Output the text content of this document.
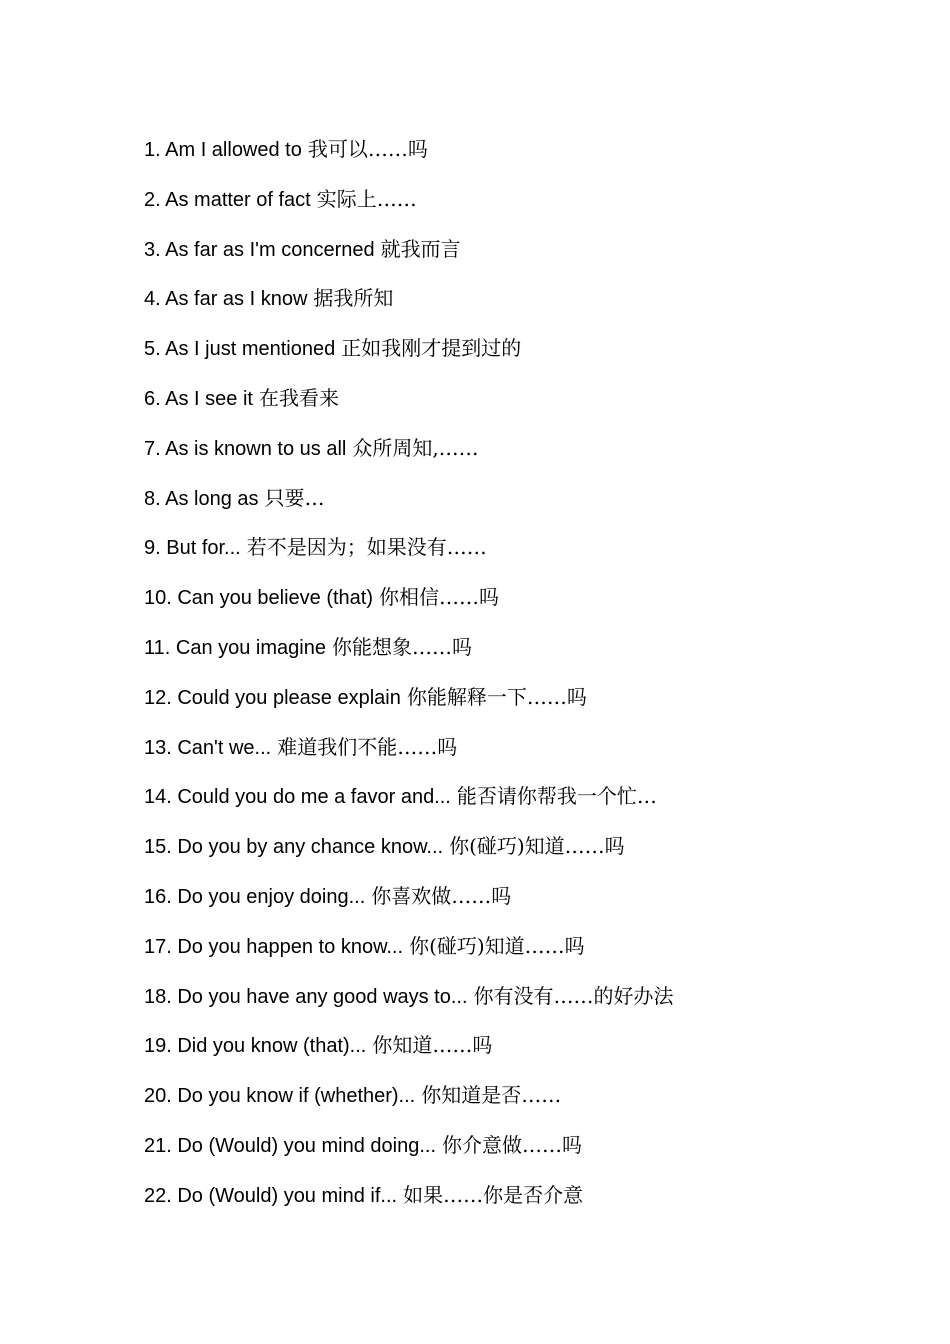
1. Am I allowed to 我可以……吗
2. As matter of fact 实际上……
3. As far as I'm concerned 就我而言
4. As far as I know 据我所知
5. As I just mentioned 正如我刚才提到过的
6. As I see it 在我看来
7. As is known to us all 众所周知,……
8. As long as 只要…
9. But for... 若不是因为；如果没有……
10. Can you believe (that) 你相信……吗
11. Can you imagine 你能想象……吗
12. Could you please explain 你能解释一下……吗
13. Can't we... 难道我们不能……吗
14. Could you do me a favor and... 能否请你帮我一个忙…
15. Do you by any chance know... 你(碰巧)知道……吗
16. Do you enjoy doing... 你喜欢做……吗
17. Do you happen to know... 你(碰巧)知道……吗
18. Do you have any good ways to... 你有没有……的好办法
19. Did you know (that)... 你知道……吗
20. Do you know if (whether)... 你知道是否……
21. Do (Would) you mind doing... 你介意做……吗
22. Do (Would) you mind if... 如果……你是否介意
